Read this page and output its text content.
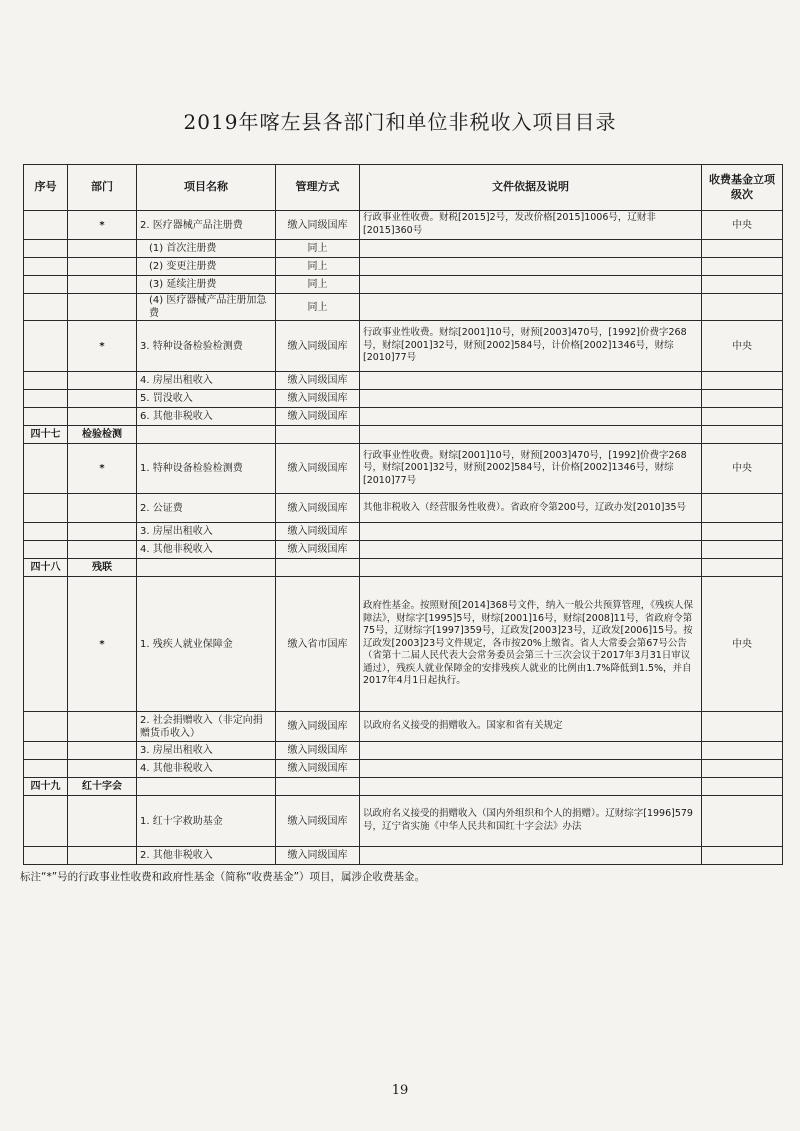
2019年喀左县各部门和单位非税收入项目目录
序号	部门	项目名称	管理方式	文件依据及说明	收费基金立项级次
	*	2. 医疗器械产品注册费	缴入同级国库	行政事业性收费。财税[2015]2号，发改价格[2015]1006号，辽财非[2015]360号	中央
		(1) 首次注册费	同上		
		(2) 变更注册费	同上		
		(3) 延续注册费	同上		
		(4) 医疗器械产品注册加急费	同上		
	*	3. 特种设备检验检测费	缴入同级国库	行政事业性收费。财综[2001]10号，财预[2003]470号，[1992]价费字268号，财综[2001]32号，财预[2002]584号，计价格[2002]1346号，财综[2010]77号	中央
		4. 房屋出租收入	缴入同级国库		
		5. 罚没收入	缴入同级国库		
		6. 其他非税收入	缴入同级国库		
四十七	检验检测				
	*	1. 特种设备检验检测费	缴入同级国库	行政事业性收费。财综[2001]10号，财预[2003]470号，[1992]价费字268号，财综[2001]32号，财预[2002]584号，计价格[2002]1346号，财综[2010]77号	中央
		2. 公证费	缴入同级国库	其他非税收入（经营服务性收费）。省政府令第200号，辽政办发[2010]35号	
		3. 房屋出租收入	缴入同级国库		
		4. 其他非税收入	缴入同级国库		
四十八	残联				
	*	1. 残疾人就业保障金	缴入省市国库	政府性基金。按照财预[2014]368号文件，纳入一般公共预算管理，《残疾人保障法》，财综字[1995]5号，财综[2001]16号，财综[2008]11号，省政府令第75号，辽财综字[1997]359号，辽政发[2003]23号，辽政发[2006]15号。按辽政发[2003]23号文件规定，各市按20%上缴省。省人大常委会第67号公告（省第十二届人民代表大会常务委员会第三十三次会议于2017年3月31日审议通过），残疾人就业保障金的安排残疾人就业的比例由1.7%降低到1.5%，并自2017年4月1日起执行。	中央
		2. 社会捐赠收入（非定向捐赠货币收入）	缴入同级国库	以政府名义接受的捐赠收入。国家和省有关规定	
		3. 房屋出租收入	缴入同级国库		
		4. 其他非税收入	缴入同级国库		
四十九	红十字会				
		1. 红十字救助基金	缴入同级国库	以政府名义接受的捐赠收入（国内外组织和个人的捐赠）。辽财综字[1996]579号，辽宁省实施《中华人民共和国红十字会法》办法	
		2. 其他非税收入	缴入同级国库		
标注“*”号的行政事业性收费和政府性基金（简称“收费基金”）项目，属涉企收费基金。
19
